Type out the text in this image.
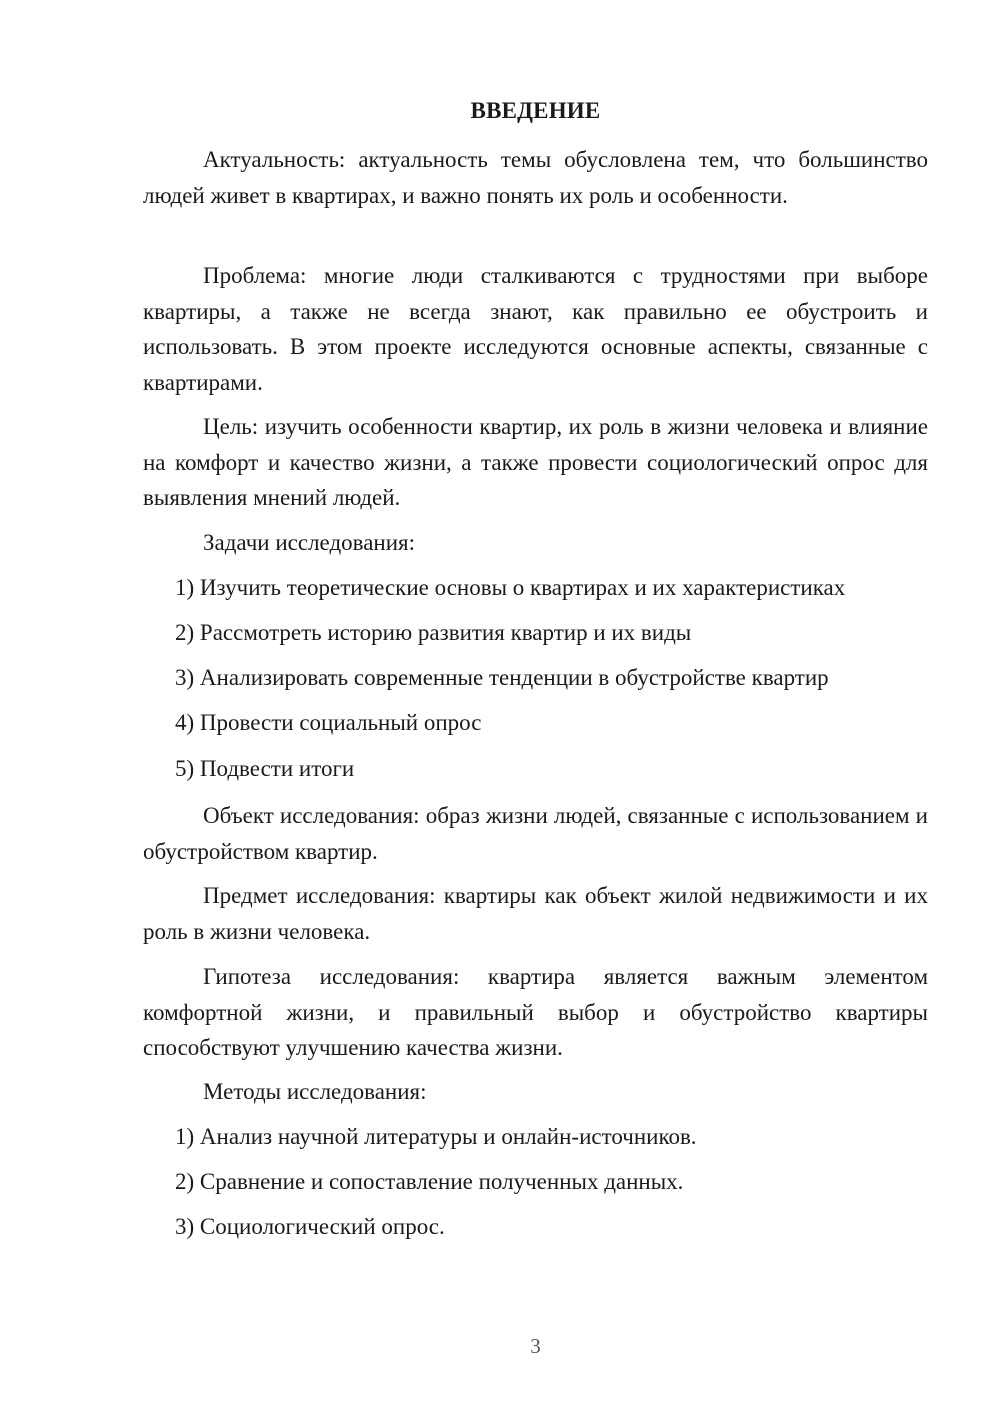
ВВЕДЕНИЕ

Актуальность: актуальность темы обусловлена тем, что большинство людей живет в квартирах, и важно понять их роль и особенности.

Проблема: многие люди сталкиваются с трудностями при выборе квартиры, а также не всегда знают, как правильно ее обустроить и использовать. В этом проекте исследуются основные аспекты, связанные с квартирами.

Цель: изучить особенности квартир, их роль в жизни человека и влияние на комфорт и качество жизни, а также провести социологический опрос для выявления мнений людей.

Задачи исследования:

1) Изучить теоретические основы о квартирах и их характеристиках

2) Рассмотреть историю развития квартир и их виды

3) Анализировать современные тенденции в обустройстве квартир

4) Провести социальный опрос

5) Подвести итоги

Объект исследования: образ жизни людей, связанные с использованием и обустройством квартир.

Предмет исследования: квартиры как объект жилой недвижимости и их роль в жизни человека.

Гипотеза исследования: квартира является важным элементом комфортной жизни, и правильный выбор и обустройство квартиры способствуют улучшению качества жизни.

Методы исследования:

1) Анализ научной литературы и онлайн-источников.

2) Сравнение и сопоставление полученных данных.

3) Социологический опрос.

3
